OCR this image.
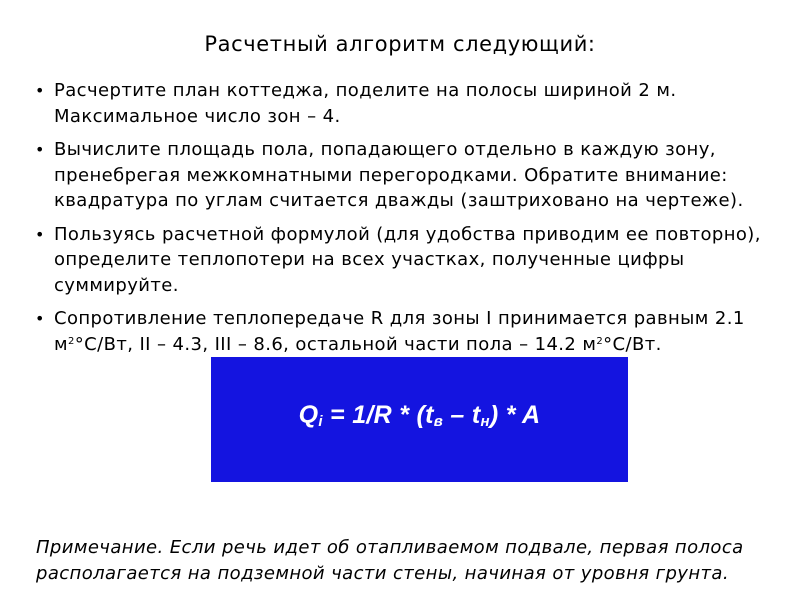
Расчетный алгоритм следующий:
• Расчертите план коттеджа, поделите на полосы шириной 2 м. Максимальное число зон – 4.
• Вычислите площадь пола, попадающего отдельно в каждую зону, пренебрегая межкомнатными перегородками. Обратите внимание: квадратура по углам считается дважды (заштриховано на чертеже).
• Пользуясь расчетной формулой (для удобства приводим ее повторно), определите теплопотери на всех участках, полученные цифры суммируйте.
• Сопротивление теплопередаче R для зоны I принимается равным 2.1 $м^2^\circ С/Вт$, II – 4.3, III – 8.6, остальной части пола – 14.2 $м^2^\circ С/Вт$.
$Q_i = 1/R * (t_в - t_н) * A$
Примечание. Если речь идет об отапливаемом подвале, первая полоса располагается на подземной части стены, начиная от уровня грунта.
